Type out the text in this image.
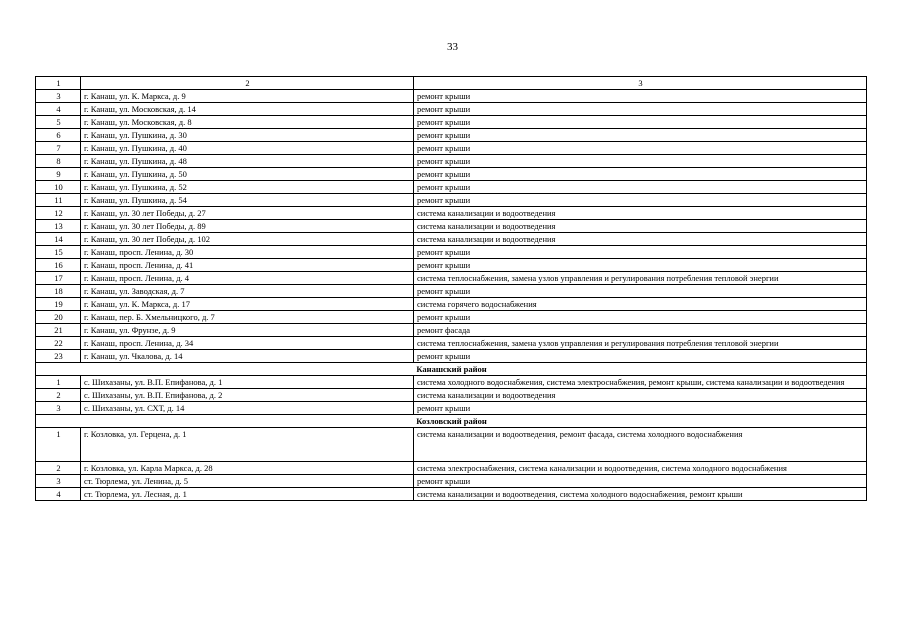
33
1	2	3
3	г. Канаш, ул. К. Маркса, д. 9	ремонт крыши
4	г. Канаш, ул. Московская, д. 14	ремонт крыши
5	г. Канаш, ул. Московская, д. 8	ремонт крыши
6	г. Канаш, ул. Пушкина, д. 30	ремонт крыши
7	г. Канаш, ул. Пушкина, д. 40	ремонт крыши
8	г. Канаш, ул. Пушкина, д. 48	ремонт крыши
9	г. Канаш, ул. Пушкина, д. 50	ремонт крыши
10	г. Канаш, ул. Пушкина, д. 52	ремонт крыши
11	г. Канаш, ул. Пушкина, д. 54	ремонт крыши
12	г. Канаш, ул. 30 лет Победы, д. 27	система канализации и водоотведения
13	г. Канаш, ул. 30 лет Победы, д. 89	система канализации и водоотведения
14	г. Канаш, ул. 30 лет Победы, д. 102	система канализации и водоотведения
15	г. Канаш, просп. Ленина, д. 30	ремонт крыши
16	г. Канаш, просп. Ленина, д. 41	ремонт крыши
17	г. Канаш, просп. Ленина, д. 4	система теплоснабжения, замена узлов управления и регулирования потребления тепловой энергии
18	г. Канаш, ул. Заводская, д. 7	ремонт крыши
19	г. Канаш, ул. К. Маркса, д. 17	система горячего водоснабжения
20	г. Канаш, пер. Б. Хмельницкого, д. 7	ремонт крыши
21	г. Канаш, ул. Фрунзе, д. 9	ремонт фасада
22	г. Канаш, просп. Ленина, д. 34	система теплоснабжения, замена узлов управления и регулирования потребления тепловой энергии
23	г. Канаш, ул. Чкалова, д. 14	ремонт крыши
Канашский район		
1	с. Шихазаны, ул. В.П. Епифанова, д. 1	система холодного водоснабжения, система электроснабжения, ремонт крыши, система канализации и водоотведения
2	с. Шихазаны, ул. В.П. Епифанова, д. 2	система канализации и водоотведения
3	с. Шихазаны, ул. СХТ, д. 14	ремонт крыши
Козловский район		
1	г. Козловка, ул. Герцена, д. 1	система канализации и водоотведения, ремонт фасада, система холодного водоснабжения
2	г. Козловка, ул. Карла Маркса, д. 28	система электроснабжения, система канализации и водоотведения, система холодного водоснабжения
3	ст. Тюрлема, ул. Ленина, д. 5	ремонт крыши
4	ст. Тюрлема, ул. Лесная, д. 1	система канализации и водоотведения, система холодного водоснабжения, ремонт крыши
